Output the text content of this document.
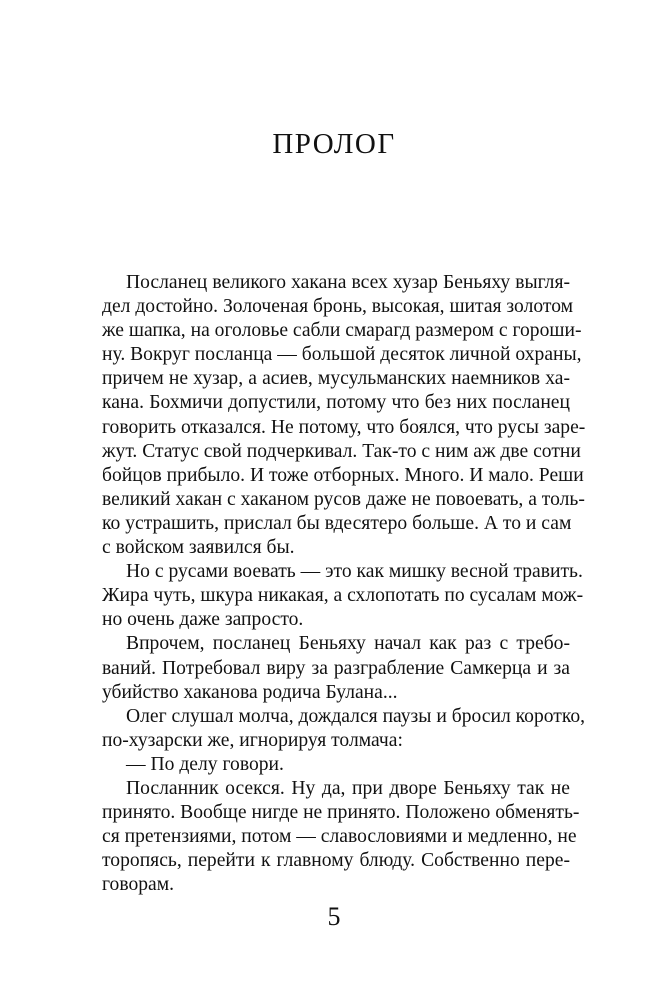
ПРОЛОГ
Посланец великого хакана всех хузар Беньяху выгля-
дел достойно. Золоченая бронь, высокая, шитая золотом
же шапка, на оголовье сабли смарагд размером с гороши-
ну. Вокруг посланца — большой десяток личной охраны,
причем не хузар, а асиев, мусульманских наемников ха-
кана. Бохмичи допустили, потому что без них посланец
говорить отказался. Не потому, что боялся, что русы заре-
жут. Статус свой подчеркивал. Так-то с ним аж две сотни
бойцов прибыло. И тоже отборных. Много. И мало. Реши
великий хакан с хаканом русов даже не повоевать, а толь-
ко устрашить, прислал бы вдесятеро больше. А то и сам
с войском заявился бы.
Но с русами воевать — это как мишку весной травить.
Жира чуть, шкура никакая, а схлопотать по сусалам мож-
но очень даже запросто.
Впрочем, посланец Беньяху начал как раз с требо-
ваний. Потребовал виру за разграбление Самкерца и за
убийство хаканова родича Булана...
Олег слушал молча, дождался паузы и бросил коротко,
по-хузарски же, игнорируя толмача:
— По делу говори.
Посланник осекся. Ну да, при дворе Беньяху так не
принято. Вообще нигде не принято. Положено обменять-
ся претензиями, потом — славословиями и медленно, не
торопясь, перейти к главному блюду. Собственно пере-
говорам.
5
